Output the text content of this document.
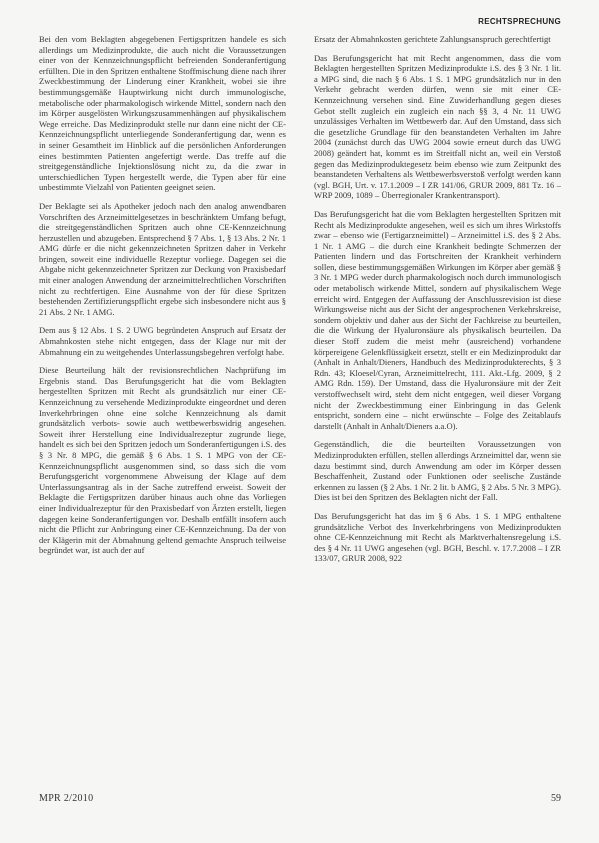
RECHTSPRECHUNG

Bei den vom Beklagten abgegebenen Fertigspritzen handele es sich allerdings um Medizinprodukte, die auch nicht die Voraussetzungen einer von der Kennzeichnungspflicht befreienden Sonderanfertigung erfüllten. Die in den Spritzen enthaltene Stoffmischung diene nach ihrer Zweckbestimmung der Linderung einer Krankheit, wobei sie ihre bestimmungsgemäße Hauptwirkung nicht durch immunologische, metabolische oder pharmakologisch wirkende Mittel, sondern nach den im Körper ausgelösten Wirkungszusammenhängen auf physikalischem Wege erreiche. Das Medizinprodukt stelle nur dann eine nicht der CE-Kennzeichnungspflicht unterliegende Sonderanfertigung dar, wenn es in seiner Gesamtheit im Hinblick auf die persönlichen Anforderungen eines bestimmten Patienten angefertigt werde. Das treffe auf die streitgegenständliche Injektionslösung nicht zu, da die zwar in unterschiedlichen Typen hergestellt werde, die Typen aber für eine unbestimmte Vielzahl von Patienten geeignet seien.

Der Beklagte sei als Apotheker jedoch nach den analog anwendbaren Vorschriften des Arzneimittelgesetzes in beschränktem Umfang befugt, die streitgegenständlichen Spritzen auch ohne CE-Kennzeichnung herzustellen und abzugeben. Entsprechend § 7 Abs. 1, § 13 Abs. 2 Nr. 1 AMG dürfe er die nicht gekennzeichneten Spritzen daher in Verkehr bringen, soweit eine individuelle Rezeptur vorliege. Dagegen sei die Abgabe nicht gekennzeichneter Spritzen zur Deckung von Praxisbedarf mit einer analogen Anwendung der arzneimittelrechtlichen Vorschriften nicht zu rechtfertigen. Eine Ausnahme von der für diese Spritzen bestehenden Zertifizierungspflicht ergebe sich insbesondere nicht aus § 21 Abs. 2 Nr. 1 AMG.

Dem aus § 12 Abs. 1 S. 2 UWG begründeten Anspruch auf Ersatz der Abmahnkosten stehe nicht entgegen, dass der Klage nur mit der Abmahnung ein zu weitgehendes Unterlassungsbegehren verfolgt habe.

Diese Beurteilung hält der revisionsrechtlichen Nachprüfung im Ergebnis stand. Das Berufungsgericht hat die vom Beklagten hergestellten Spritzen mit Recht als grundsätzlich nur einer CE-Kennzeichnung zu versehende Medizinprodukte eingeordnet und deren Inverkehrbringen ohne eine solche Kennzeichnung als damit grundsätzlich verbots- sowie auch wettbewerbswidrig angesehen. Soweit ihrer Herstellung eine Individualrezeptur zugrunde liege, handelt es sich bei den Spritzen jedoch um Sonderanfertigungen i.S. des § 3 Nr. 8 MPG, die gemäß § 6 Abs. 1 S. 1 MPG von der CE-Kennzeichnungspflicht ausgenommen sind, so dass sich die vom Berufungsgericht vorgenommene Abweisung der Klage auf dem Unterlassungsantrag als in der Sache zutreffend erweist. Soweit der Beklagte die Fertigspritzen darüber hinaus auch ohne das Vorliegen einer Individualrezeptur für den Praxisbedarf von Ärzten erstellt, liegen dagegen keine Sonderanfertigungen vor. Deshalb entfällt insofern auch nicht die Pflicht zur Anbringung einer CE-Kennzeichnung. Da der von der Klägerin mit der Abmahnung geltend gemachte Anspruch teilweise begründet war, ist auch der auf

Ersatz der Abmahnkosten gerichtete Zahlungsanspruch gerechtfertigt

Das Berufungsgericht hat mit Recht angenommen, dass die vom Beklagten hergestellten Spritzen Medizinprodukte i.S. des § 3 Nr. 1 lit. a MPG sind, die nach § 6 Abs. 1 S. 1 MPG grundsätzlich nur in den Verkehr gebracht werden dürfen, wenn sie mit einer CE-Kennzeichnung versehen sind. Eine Zuwiderhandlung gegen dieses Gebot stellt zugleich ein zugleich ein nach §§ 3, 4 Nr. 11 UWG unzulässiges Verhalten im Wettbewerb dar. Auf den Umstand, dass sich die gesetzliche Grundlage für den beanstandeten Verhalten im Jahre 2004 (zunächst durch das UWG 2004 sowie erneut durch das UWG 2008) geändert hat, kommt es im Streitfall nicht an, weil ein Verstoß gegen das Medizinproduktegesetz beim ebenso wie zum Zeitpunkt des beanstandeten Verhaltens als Wettbewerbsverstoß verfolgt werden kann (vgl. BGH, Urt. v. 17.1.2009 – I ZR 141/06, GRUR 2009, 881 Tz. 16 – WRP 2009, 1089 – Überregionaler Krankentransport).

Das Berufungsgericht hat die vom Beklagten hergestellten Spritzen mit Recht als Medizinprodukte angesehen, weil es sich um ihres Wirkstoffs zwar – ebenso wie (Fertigarzneimittel) – Arzneimittel i.S. des § 2 Abs. 1 Nr. 1 AMG – die durch eine Krankheit bedingte Schmerzen der Patienten lindern und das Fortschreiten der Krankheit verhindern sollen, diese bestimmungsgemäßen Wirkungen im Körper aber gemäß § 3 Nr. 1 MPG weder durch pharmakologisch noch durch immunologisch oder metabolisch wirkende Mittel, sondern auf physikalischem Wege erreicht wird. Entgegen der Auffassung der Anschlussrevision ist diese Wirkungsweise nicht aus der Sicht der angesprochenen Verkehrskreise, sondern objektiv und daher aus der Sicht der Fachkreise zu beurteilen, die die Wirkung der Hyaluronsäure als physikalisch beurteilen. Da dieser Stoff zudem die meist mehr (ausreichend) vorhandene körpereigene Gelenkflüssigkeit ersetzt, stellt er ein Medizinprodukt dar (Anhalt in Anhalt/Dieners, Handbuch des Medizinprodukterechts, § 3 Rdn. 43; Kloesel/Cyran, Arzneimittelrecht, 111. Akt.-Lfg. 2009, § 2 AMG Rdn. 159). Der Umstand, dass die Hyaluronsäure mit der Zeit verstoffwechselt wird, steht dem nicht entgegen, weil dieser Vorgang nicht der Zweckbestimmung einer Einbringung in das Gelenk entspricht, sondern eine – nicht erwünschte – Folge des Zeitablaufs darstellt (Anhalt in Anhalt/Dieners a.a.O).

Gegenständlich, die die beurteilten Voraussetzungen von Medizinprodukten erfüllen, stellen allerdings Arzneimittel dar, wenn sie dazu bestimmt sind, durch Anwendung am oder im Körper dessen Beschaffenheit, Zustand oder Funktionen oder seelische Zustände erkennen zu lassen (§ 2 Abs. 1 Nr. 2 lit. b AMG, § 2 Abs. 5 Nr. 3 MPG). Dies ist bei den Spritzen des Beklagten nicht der Fall.

Das Berufungsgericht hat das im § 6 Abs. 1 S. 1 MPG enthaltene grundsätzliche Verbot des Inverkehrbringens von Medizinprodukten ohne CE-Kennzeichnung mit Recht als Marktverhaltensregelung i.S. des § 4 Nr. 11 UWG angesehen (vgl. BGH, Beschl. v. 17.7.2008 – I ZR 133/07, GRUR 2008, 922

MPR 2/2010	59
